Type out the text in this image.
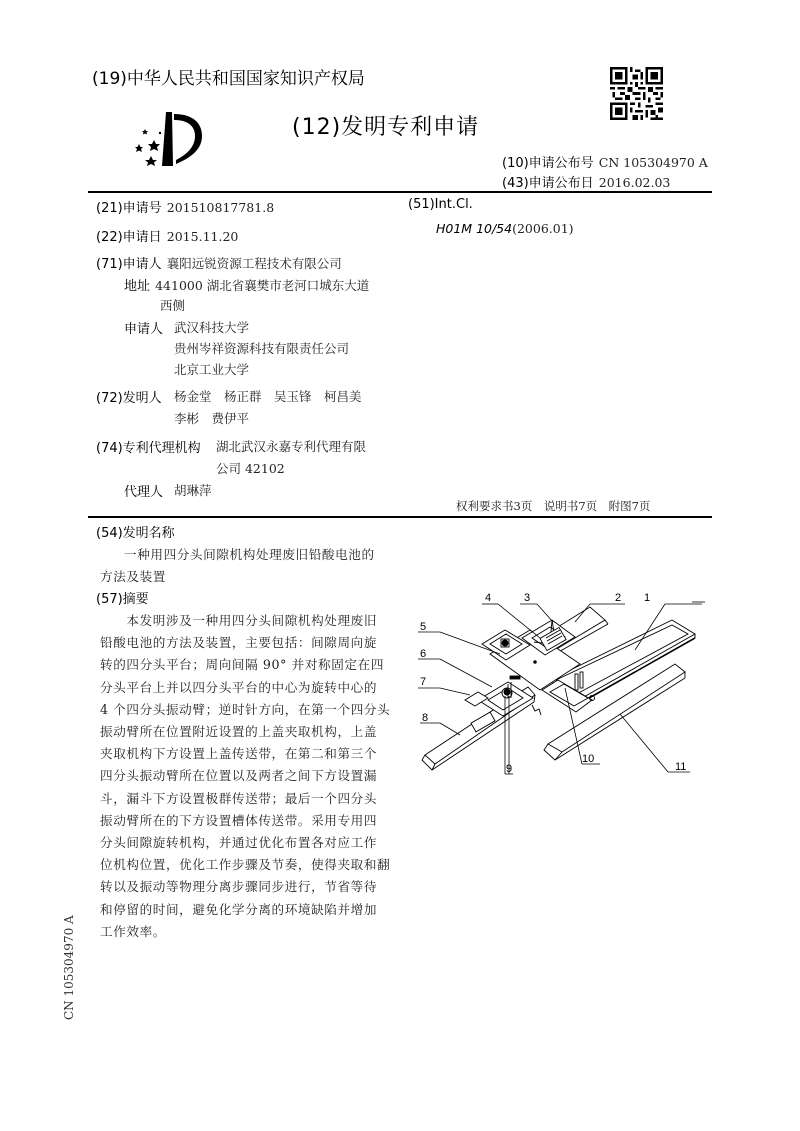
(19)中华人民共和国国家知识产权局
(12)发明专利申请
(10)申请公布号 CN 105304970 A
(43)申请公布日 2016.02.03
(21)申请号 201510817781.8
(22)申请日 2015.11.20
(71)申请人 襄阳远锐资源工程技术有限公司
地址 441000 湖北省襄樊市老河口城东大道
西侧
申请人 武汉科技大学
贵州岑祥资源科技有限责任公司
北京工业大学
(72)发明人 杨金堂　杨正群　吴玉锋　柯昌美
李彬　费伊平
(74)专利代理机构 湖北武汉永嘉专利代理有限
公司 42102
代理人 胡琳萍
(51)Int.Cl.
H01M 10/54(2006.01)
权利要求书3页　说明书7页　附图7页
(54)发明名称
一种用四分头间隙机构处理废旧铅酸电池的
方法及装置
(57)摘要
　　本发明涉及一种用四分头间隙机构处理废旧
铅酸电池的方法及装置，主要包括：间隙周向旋
转的四分头平台；周向间隔 90° 并对称固定在四
分头平台上并以四分头平台的中心为旋转中心的
4 个四分头振动臂；逆时针方向，在第一个四分头
振动臂所在位置附近设置的上盖夹取机构，上盖
夹取机构下方设置上盖传送带，在第二和第三个
四分头振动臂所在位置以及两者之间下方设置漏
斗，漏斗下方设置极群传送带；最后一个四分头
振动臂所在的下方设置槽体传送带。采用专用四
分头间隙旋转机构，并通过优化布置各对应工作
位机构位置，优化工作步骤及节奏，使得夹取和翻
转以及振动等物理分离步骤同步进行，节省等待
和停留的时间，避免化学分离的环境缺陷并增加
工作效率。
1
2
3
4
5
6
7
8
9
10
11
CN 105304970 A
